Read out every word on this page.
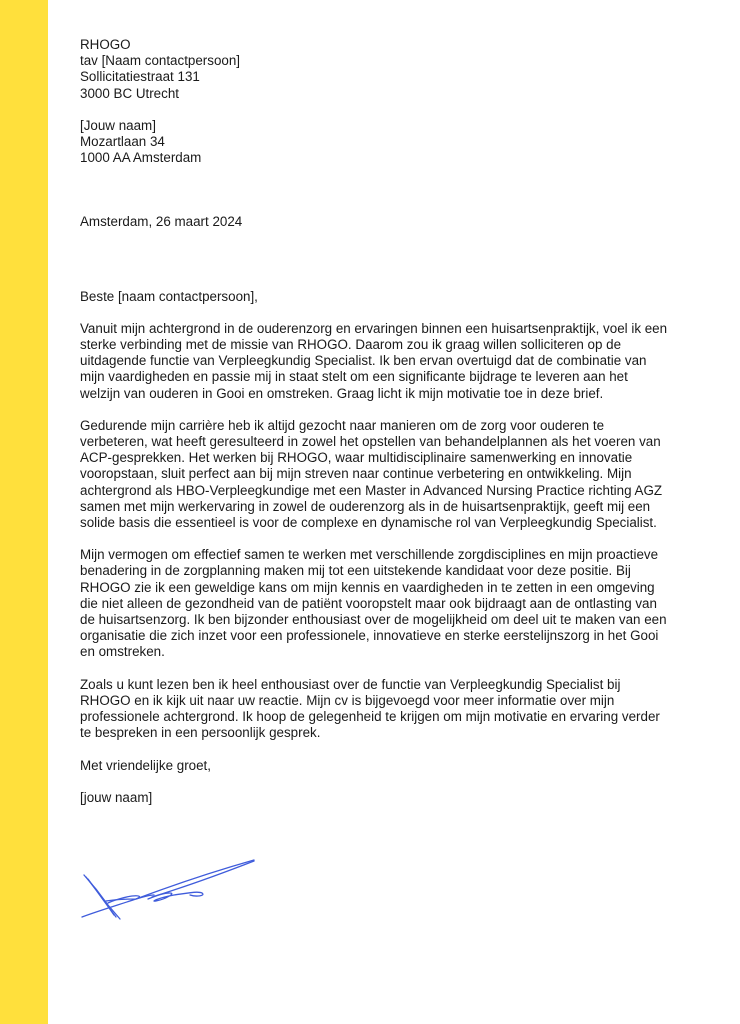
RHOGO
tav [Naam contactpersoon]
Sollicitatiestraat 131
3000 BC Utrecht
[Jouw naam]
Mozartlaan 34
1000 AA Amsterdam
Amsterdam, 26 maart 2024

Beste [naam contactpersoon],

Vanuit mijn achtergrond in de ouderenzorg en ervaringen binnen een huisartsenpraktijk, voel ik een
sterke verbinding met de missie van RHOGO. Daarom zou ik graag willen solliciteren op de
uitdagende functie van Verpleegkundig Specialist. Ik ben ervan overtuigd dat de combinatie van
mijn vaardigheden en passie mij in staat stelt om een significante bijdrage te leveren aan het
welzijn van ouderen in Gooi en omstreken. Graag licht ik mijn motivatie toe in deze brief.

Gedurende mijn carrière heb ik altijd gezocht naar manieren om de zorg voor ouderen te
verbeteren, wat heeft geresulteerd in zowel het opstellen van behandelplannen als het voeren van
ACP-gesprekken. Het werken bij RHOGO, waar multidisciplinaire samenwerking en innovatie
vooropstaan, sluit perfect aan bij mijn streven naar continue verbetering en ontwikkeling. Mijn
achtergrond als HBO-Verpleegkundige met een Master in Advanced Nursing Practice richting AGZ
samen met mijn werkervaring in zowel de ouderenzorg als in de huisartsenpraktijk, geeft mij een
solide basis die essentieel is voor de complexe en dynamische rol van Verpleegkundig Specialist.

Mijn vermogen om effectief samen te werken met verschillende zorgdisciplines en mijn proactieve
benadering in de zorgplanning maken mij tot een uitstekende kandidaat voor deze positie. Bij
RHOGO zie ik een geweldige kans om mijn kennis en vaardigheden in te zetten in een omgeving
die niet alleen de gezondheid van de patiënt vooropstelt maar ook bijdraagt aan de ontlasting van
de huisartsenzorg. Ik ben bijzonder enthousiast over de mogelijkheid om deel uit te maken van een
organisatie die zich inzet voor een professionele, innovatieve en sterke eerstelijnszorg in het Gooi
en omstreken.

Zoals u kunt lezen ben ik heel enthousiast over de functie van Verpleegkundig Specialist bij
RHOGO en ik kijk uit naar uw reactie. Mijn cv is bijgevoegd voor meer informatie over mijn
professionele achtergrond. Ik hoop de gelegenheid te krijgen om mijn motivatie en ervaring verder
te bespreken in een persoonlijk gesprek.

Met vriendelijke groet,

[jouw naam]
